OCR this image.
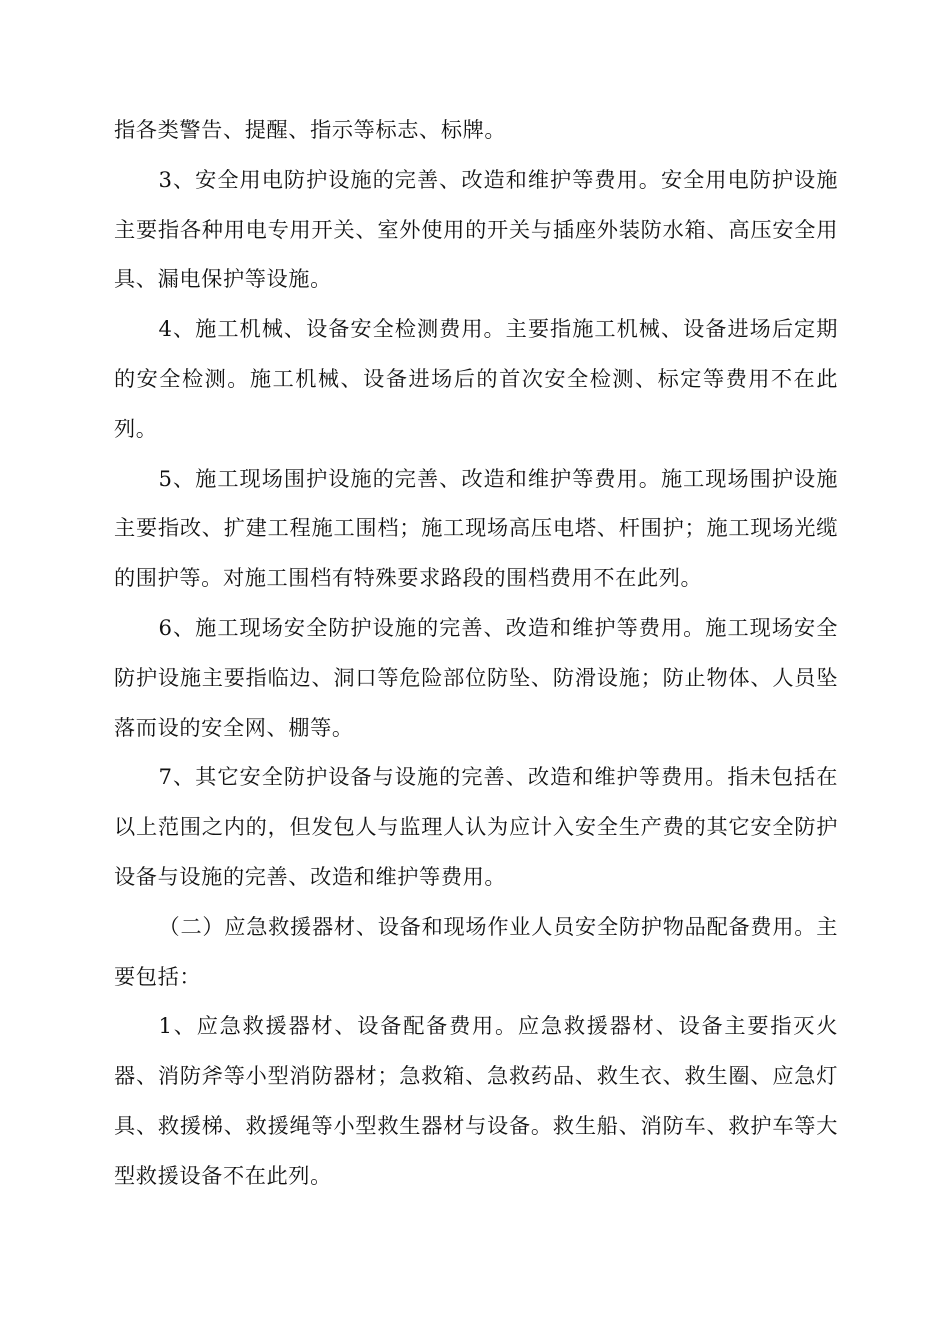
指各类警告、提醒、指示等标志、标牌。

3、安全用电防护设施的完善、改造和维护等费用。安全用电防护设施主要指各种用电专用开关、室外使用的开关与插座外装防水箱、高压安全用具、漏电保护等设施。

4、施工机械、设备安全检测费用。主要指施工机械、设备进场后定期的安全检测。施工机械、设备进场后的首次安全检测、标定等费用不在此列。

5、施工现场围护设施的完善、改造和维护等费用。施工现场围护设施主要指改、扩建工程施工围档；施工现场高压电塔、杆围护；施工现场光缆的围护等。对施工围档有特殊要求路段的围档费用不在此列。

6、施工现场安全防护设施的完善、改造和维护等费用。施工现场安全防护设施主要指临边、洞口等危险部位防坠、防滑设施；防止物体、人员坠落而设的安全网、棚等。

7、其它安全防护设备与设施的完善、改造和维护等费用。指未包括在以上范围之内的，但发包人与监理人认为应计入安全生产费的其它安全防护设备与设施的完善、改造和维护等费用。

（二）应急救援器材、设备和现场作业人员安全防护物品配备费用。主要包括：

1、应急救援器材、设备配备费用。应急救援器材、设备主要指灭火器、消防斧等小型消防器材；急救箱、急救药品、救生衣、救生圈、应急灯具、救援梯、救援绳等小型救生器材与设备。救生船、消防车、救护车等大型救援设备不在此列。
